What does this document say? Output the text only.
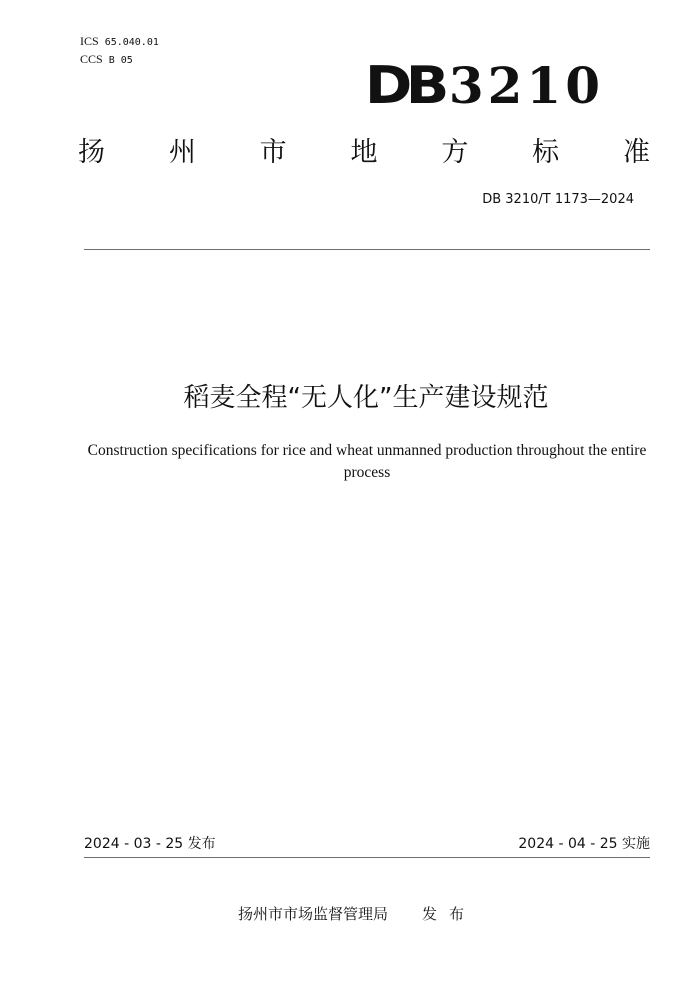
ICS 65.040.01
CCS B 05	DB 3210
扬 州 市 地 方 标 准
DB 3210/T 1173—2024
稻麦全程“无人化”生产建设规范
Construction specifications for rice and wheat unmanned production throughout the entire process
2024 - 03 - 25 发布	2024 - 04 - 25 实施
扬州市市场监督管理局 发布
